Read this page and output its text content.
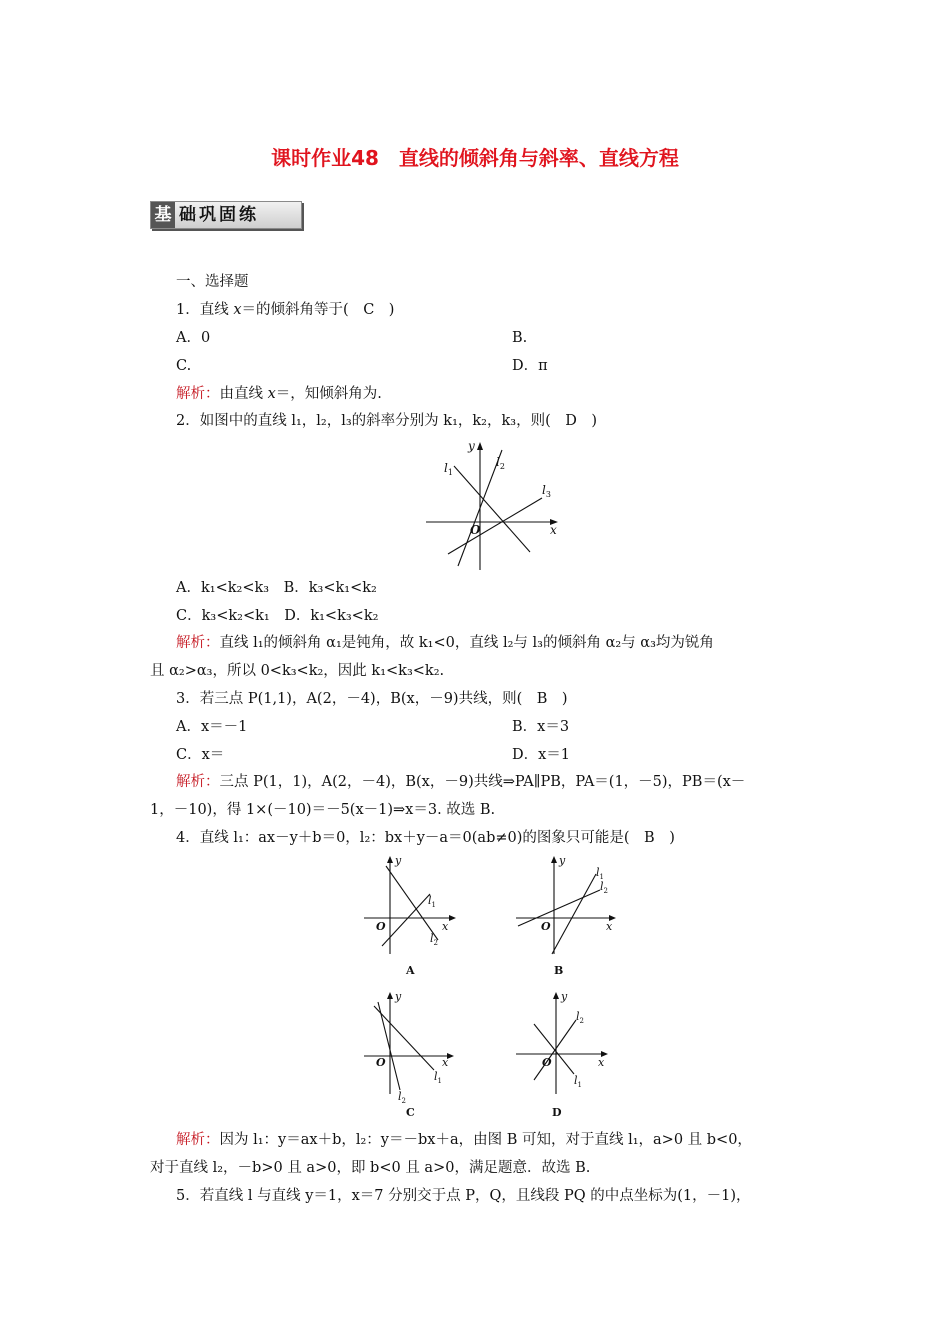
课时作业48　直线的倾斜角与斜率、直线方程
基 础巩固练
一、选择题
1．直线 x＝的倾斜角等于(　C　)
A．0	B.
C.	D．π
解析：由直线 x＝，知倾斜角为.
2．如图中的直线 l₁，l₂，l₃的斜率分别为 k₁，k₂，k₃，则(　D　)
y
x
O
$l_1$
$l_2$
$l_3$
A．k₁<k₂<k₃　B．k₃<k₁<k₂
C．k₃<k₂<k₁　D．k₁<k₃<k₂
解析：直线 l₁的倾斜角 α₁是钝角，故 k₁<0，直线 l₂与 l₃的倾斜角 α₂与 α₃均为锐角
且 α₂>α₃，所以 0<k₃<k₂，因此 k₁<k₃<k₂.
3．若三点 P(1,1)，A(2，－4)，B(x，－9)共线，则(　B　)
A．x＝－1	B．x＝3
C．x＝	D．x＝1
解析：三点 P(1，1)，A(2，－4)，B(x，－9)共线⇒PA∥PB，PA＝(1，－5)，PB＝(x－
1，－10)，得 1×(－10)＝－5(x－1)⇒x＝3. 故选 B.
4．直线 l₁：ax－y＋b＝0，l₂：bx＋y－a＝0(ab≠0)的图象只可能是(　B　)
y
x
O
$l_1$
$l_2$
A
y
x
O
$l_1$
$l_2$
B
y
x
O
$l_1$
$l_2$
C
y
x
O
$l_1$
$l_2$
D
解析：因为 l₁：y＝ax＋b，l₂：y＝－bx＋a，由图 B 可知，对于直线 l₁，a>0 且 b<0，
对于直线 l₂，－b>0 且 a>0，即 b<0 且 a>0，满足题意．故选 B.
5．若直线 l 与直线 y＝1，x＝7 分别交于点 P，Q，且线段 PQ 的中点坐标为(1，－1)，
